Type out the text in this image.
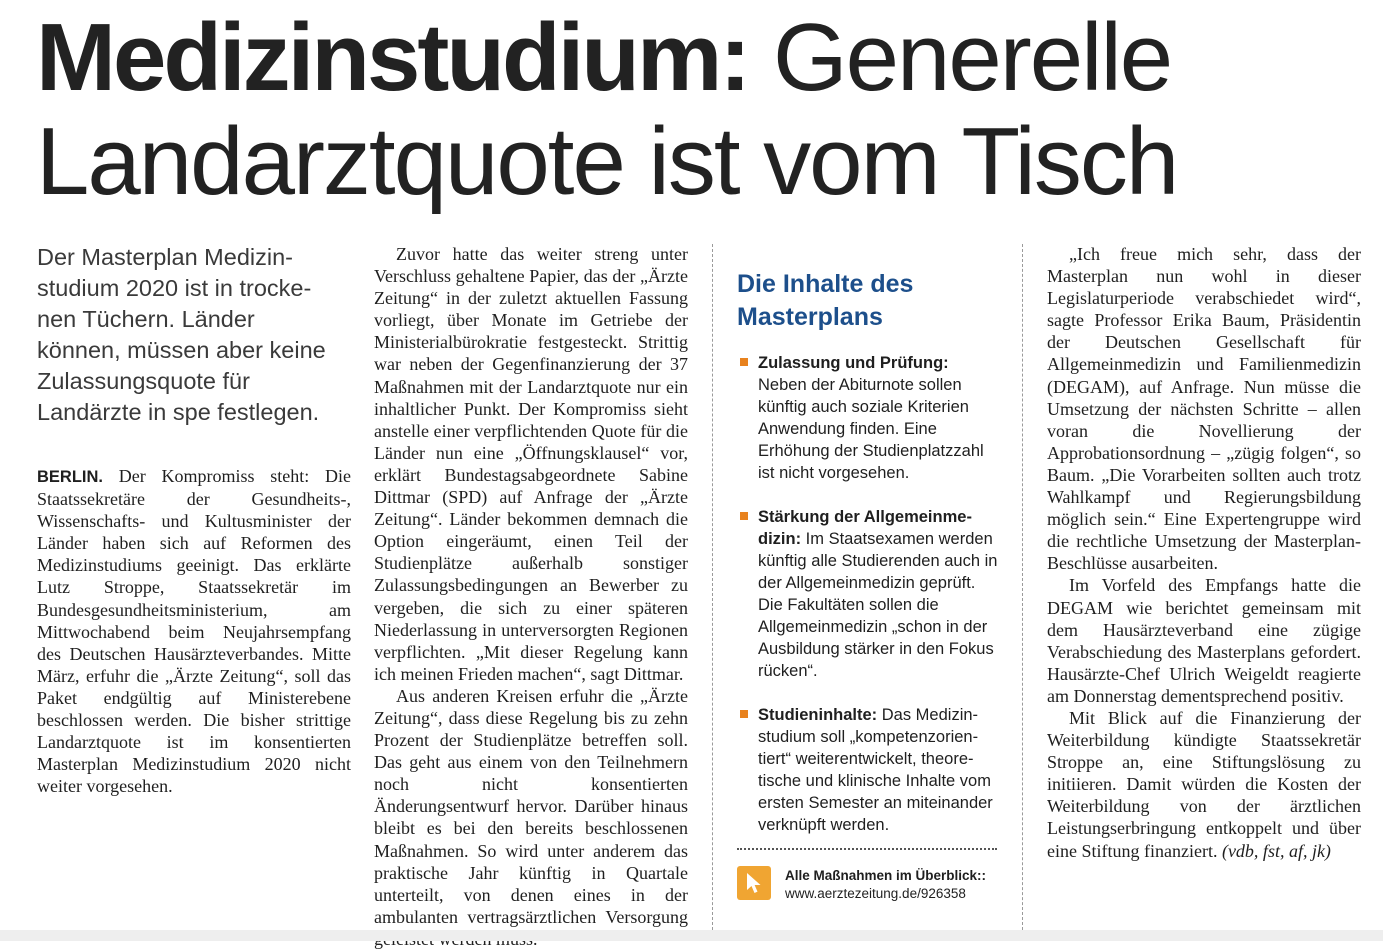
Medizinstudium: Generelle
Landarztquote ist vom Tisch

Der Masterplan Medizinstudium 2020 ist in trockenen Tüchern. Länder können, müssen aber keine Zulassungsquote für Landärzte in spe festlegen.

BERLIN. Der Kompromiss steht: Die Staatssekretäre der Gesundheits-, Wissenschafts- und Kultusminister der Länder haben sich auf Reformen des Medizinstudiums geeinigt. Das erklärte Lutz Stroppe, Staatssekretär im Bundesgesundheitsministerium, am Mittwochabend beim Neujahrsempfang des Deutschen Hausärzteverbandes. Mitte März, erfuhr die „Ärzte Zeitung“, soll das Paket endgültig auf Ministerebene beschlossen werden. Die bisher strittige Landarztquote ist im konsentierten Masterplan Medizinstudium 2020 nicht weiter vorgesehen.

Zuvor hatte das weiter streng unter Verschluss gehaltene Papier, das der „Ärzte Zeitung“ in der zuletzt aktuellen Fassung vorliegt, über Monate im Getriebe der Ministerialbürokratie festgesteckt. Strittig war neben der Gegenfinanzierung der 37 Maßnahmen mit der Landarztquote nur ein inhaltlicher Punkt. Der Kompromiss sieht anstelle einer verpflichtenden Quote für die Länder nun eine „Öffnungsklausel“ vor, erklärt Bundestagsabgeordnete Sabine Dittmar (SPD) auf Anfrage der „Ärzte Zeitung“. Länder bekommen demnach die Option eingeräumt, einen Teil der Studienplätze außerhalb sonstiger Zulassungsbedingungen an Bewerber zu vergeben, die sich zu einer späteren Niederlassung in unterversorgten Regionen verpflichten. „Mit dieser Regelung kann ich meinen Frieden machen“, sagt Dittmar.

Aus anderen Kreisen erfuhr die „Ärzte Zeitung“, dass diese Regelung bis zu zehn Prozent der Studienplätze betreffen soll. Das geht aus einem von den Teilnehmern noch nicht konsentierten Änderungsentwurf hervor. Darüber hinaus bleibt es bei den bereits beschlossenen Maßnahmen. So wird unter anderem das praktische Jahr künftig in Quartale unterteilt, von denen eines in der ambulanten vertragsärztlichen Versorgung

Die Inhalte des Masterplans
Zulassung und Prüfung: Neben der Abiturnote sollen künftig auch soziale Kriterien Anwendung finden. Eine Erhöhung der Studienplatzzahl ist nicht vorgesehen.
Stärkung der Allgemeinmedizin: Im Staatsexamen werden künftig alle Studierenden auch in der Allgemeinmedizin geprüft. Die Fakultäten sollen die Allgemeinmedizin „schon in der Ausbildung stärker in den Fokus rücken“.
Studieninhalte: Das Medizinstudium soll „kompetenzorientiert“ weiterentwickelt, theoretische und klinische Inhalte vom ersten Semester an miteinander verknüpft werden.
Alle Maßnahmen im Überblick::
www.aerztezeitung.de/926358

„Ich freue mich sehr, dass der Masterplan nun wohl in dieser Legislaturperiode verabschiedet wird“, sagte Professor Erika Baum, Präsidentin der Deutschen Gesellschaft für Allgemeinmedizin und Familienmedizin (DEGAM), auf Anfrage. Nun müsse die Umsetzung der nächsten Schritte – allen voran die Novellierung der Approbationsordnung – „zügig folgen“, so Baum. „Die Vorarbeiten sollten auch trotz Wahlkampf und Regierungsbildung möglich sein.“ Eine Expertengruppe wird die rechtliche Umsetzung der Masterplan-Beschlüsse ausarbeiten.

Im Vorfeld des Empfangs hatte die DEGAM wie berichtet gemeinsam mit dem Hausärzteverband eine zügige Verabschiedung des Masterplans gefordert. Hausärzte-Chef Ulrich Weigeldt reagierte am Donnerstag dementsprechend positiv.

Mit Blick auf die Finanzierung der Weiterbildung kündigte Staatssekretär Stroppe an, eine Stiftungslösung zu initiieren. Damit würden die Kosten der Weiterbildung von der ärztlichen Leistungserbringung entkoppelt und über eine Stiftung finanziert. (vdb, fst, af, jk)
